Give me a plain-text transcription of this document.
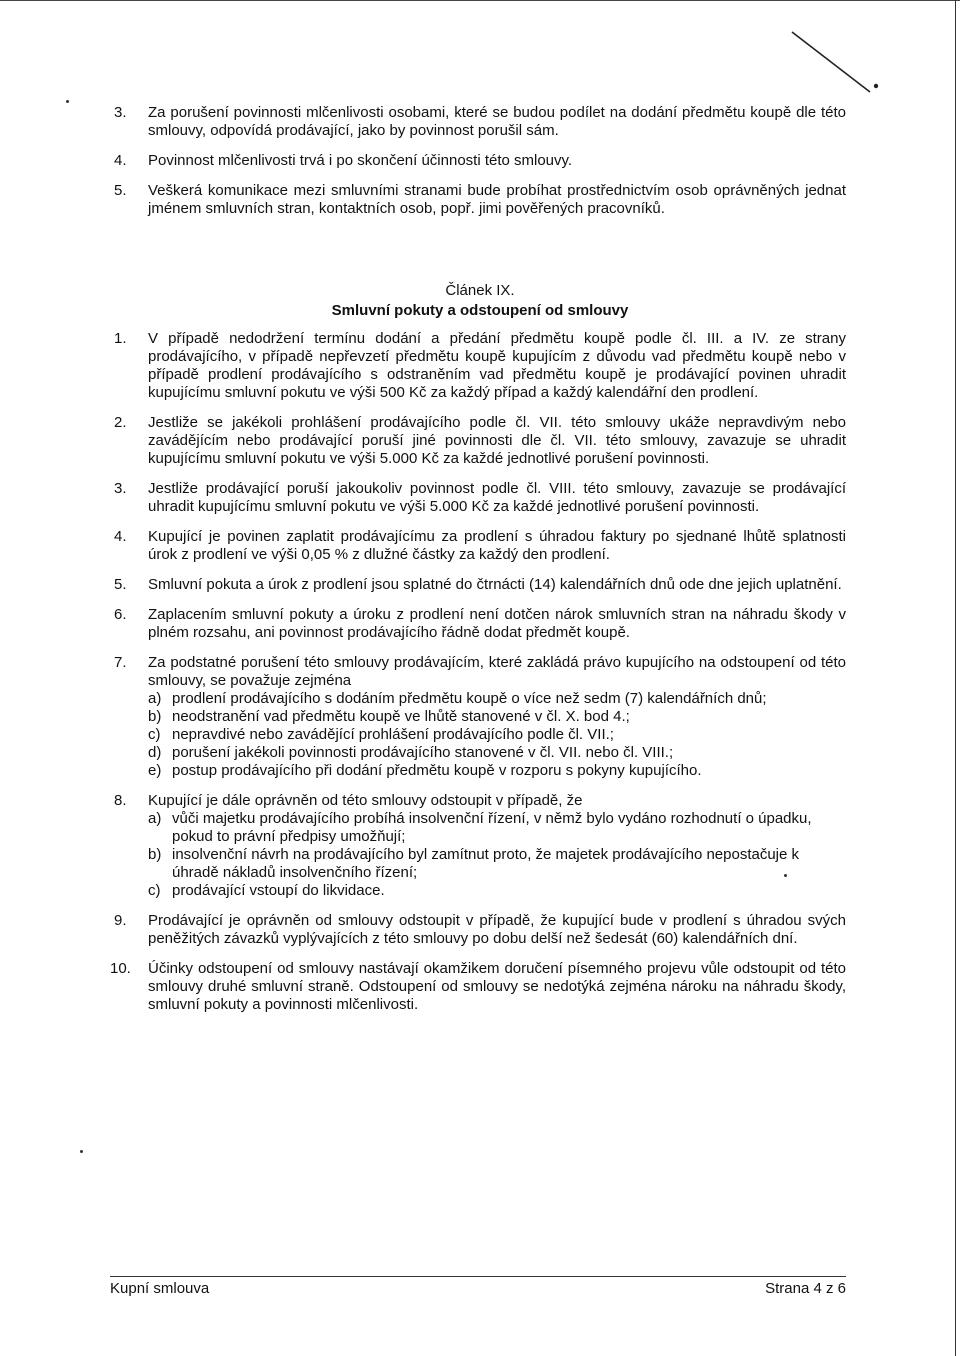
3. Za porušení povinnosti mlčenlivosti osobami, které se budou podílet na dodání předmětu koupě dle této smlouvy, odpovídá prodávající, jako by povinnost porušil sám.
4. Povinnost mlčenlivosti trvá i po skončení účinnosti této smlouvy.
5. Veškerá komunikace mezi smluvními stranami bude probíhat prostřednictvím osob oprávněných jednat jménem smluvních stran, kontaktních osob, popř. jimi pověřených pracovníků.
Článek IX.
Smluvní pokuty a odstoupení od smlouvy
1. V případě nedodržení termínu dodání a předání předmětu koupě podle čl. III. a IV. ze strany prodávajícího, v případě nepřevzetí předmětu koupě kupujícím z důvodu vad předmětu koupě nebo v případě prodlení prodávajícího s odstraněním vad předmětu koupě je prodávající povinen uhradit kupujícímu smluvní pokutu ve výši 500 Kč za každý případ a každý kalendářní den prodlení.
2. Jestliže se jakékoli prohlášení prodávajícího podle čl. VII. této smlouvy ukáže nepravdivým nebo zavádějícím nebo prodávající poruší jiné povinnosti dle čl. VII. této smlouvy, zavazuje se uhradit kupujícímu smluvní pokutu ve výši 5.000 Kč za každé jednotlivé porušení povinnosti.
3. Jestliže prodávající poruší jakoukoliv povinnost podle čl. VIII. této smlouvy, zavazuje se prodávající uhradit kupujícímu smluvní pokutu ve výši 5.000 Kč za každé jednotlivé porušení povinnosti.
4. Kupující je povinen zaplatit prodávajícímu za prodlení s úhradou faktury po sjednané lhůtě splatnosti úrok z prodlení ve výši 0,05 % z dlužné částky za každý den prodlení.
5. Smluvní pokuta a úrok z prodlení jsou splatné do čtrnácti (14) kalendářních dnů ode dne jejich uplatnění.
6. Zaplacením smluvní pokuty a úroku z prodlení není dotčen nárok smluvních stran na náhradu škody v plném rozsahu, ani povinnost prodávajícího řádně dodat předmět koupě.
7. Za podstatné porušení této smlouvy prodávajícím, které zakládá právo kupujícího na odstoupení od této smlouvy, se považuje zejména
a) prodlení prodávajícího s dodáním předmětu koupě o více než sedm (7) kalendářních dnů;
b) neodstranění vad předmětu koupě ve lhůtě stanovené v čl. X. bod 4.;
c) nepravdivé nebo zavádějící prohlášení prodávajícího podle čl. VII.;
d) porušení jakékoli povinnosti prodávajícího stanovené v čl. VII. nebo čl. VIII.;
e) postup prodávajícího při dodání předmětu koupě v rozporu s pokyny kupujícího.
8. Kupující je dále oprávněn od této smlouvy odstoupit v případě, že
a) vůči majetku prodávajícího probíhá insolvenční řízení, v němž bylo vydáno rozhodnutí o úpadku, pokud to právní předpisy umožňují;
b) insolvenční návrh na prodávajícího byl zamítnut proto, že majetek prodávajícího nepostačuje k úhradě nákladů insolvenčního řízení;
c) prodávající vstoupí do likvidace.
9. Prodávající je oprávněn od smlouvy odstoupit v případě, že kupující bude v prodlení s úhradou svých peněžitých závazků vyplývajících z této smlouvy po dobu delší než šedesát (60) kalendářních dní.
10. Účinky odstoupení od smlouvy nastávají okamžikem doručení písemného projevu vůle odstoupit od této smlouvy druhé smluvní straně. Odstoupení od smlouvy se nedotýká zejména nároku na náhradu škody, smluvní pokuty a povinnosti mlčenlivosti.
Kupní smlouva	Strana 4 z 6
